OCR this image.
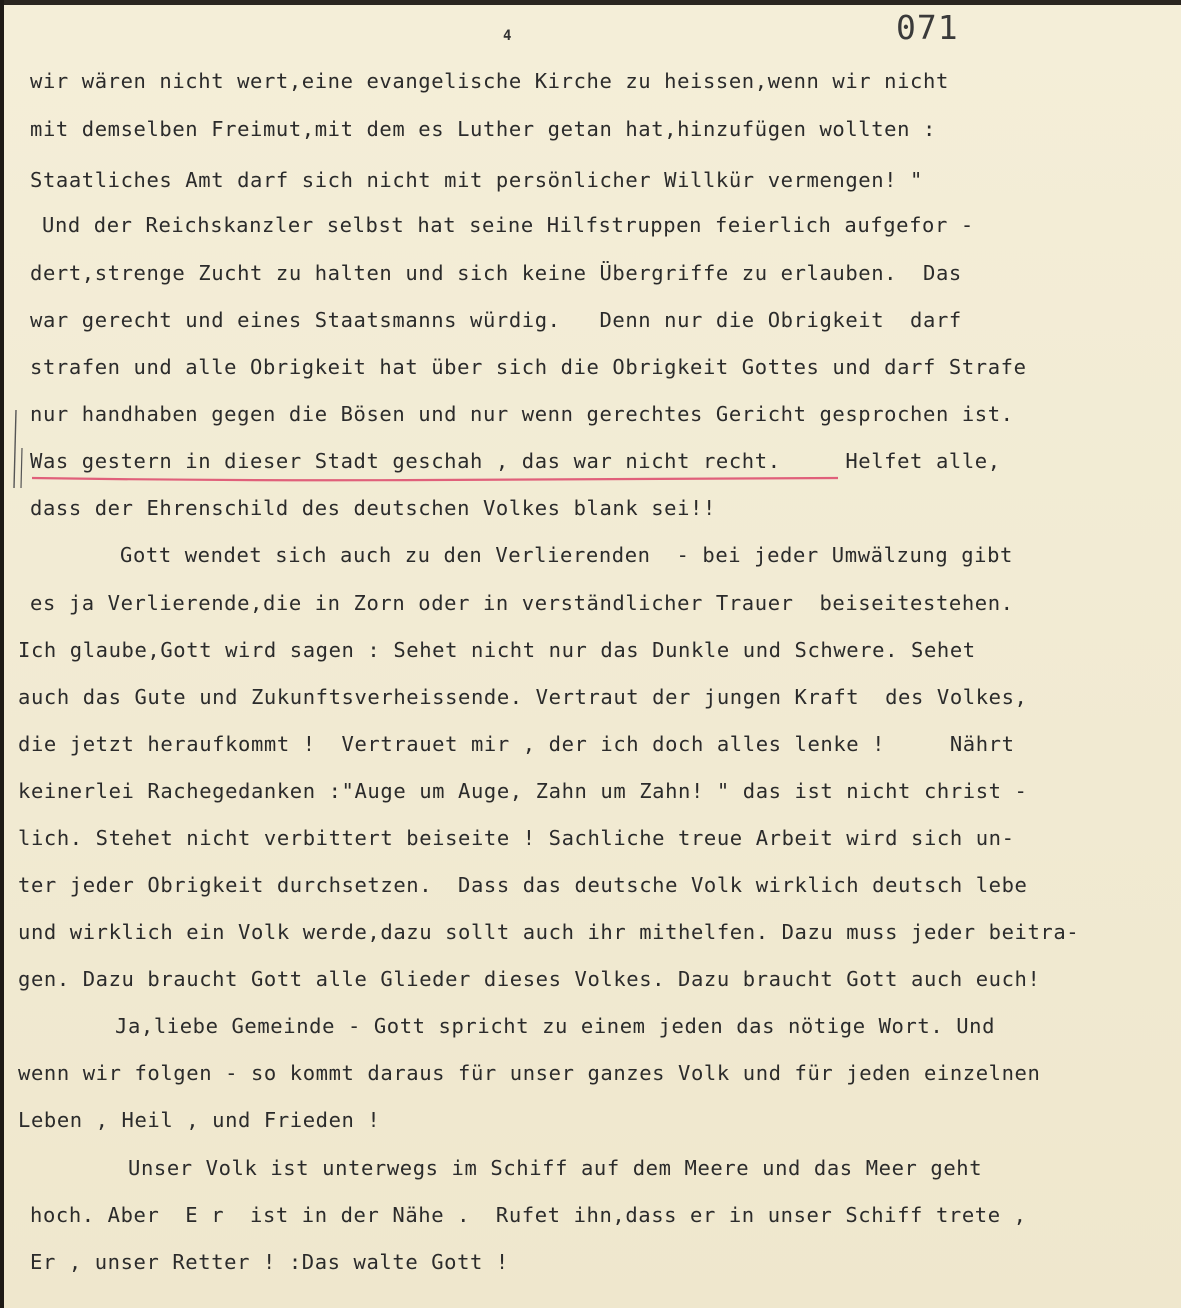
4	071
wir wären nicht wert,eine evangelische Kirche zu heissen,wenn wir nicht
mit demselben Freimut,mit dem es Luther getan hat,hinzufügen wollten :
Staatliches Amt darf sich nicht mit persönlicher Willkür vermengen! "
Und der Reichskanzler selbst hat seine Hilfstruppen feierlich aufgefor -
dert,strenge Zucht zu halten und sich keine Übergriffe zu erlauben.  Das
war gerecht und eines Staatsmanns würdig.   Denn nur die Obrigkeit  darf
strafen und alle Obrigkeit hat über sich die Obrigkeit Gottes und darf Strafe
nur handhaben gegen die Bösen und nur wenn gerechtes Gericht gesprochen ist.
Was gestern in dieser Stadt geschah , das war nicht recht.     Helfet alle,
dass der Ehrenschild des deutschen Volkes blank sei!!
Gott wendet sich auch zu den Verlierenden  - bei jeder Umwälzung gibt
es ja Verlierende,die in Zorn oder in verständlicher Trauer  beiseitestehen.
Ich glaube,Gott wird sagen : Sehet nicht nur das Dunkle und Schwere. Sehet
auch das Gute und Zukunftsverheissende. Vertraut der jungen Kraft  des Volkes,
die jetzt heraufkommt !  Vertrauet mir , der ich doch alles lenke !     Nährt
keinerlei Rachegedanken :"Auge um Auge, Zahn um Zahn! " das ist nicht christ -
lich. Stehet nicht verbittert beiseite ! Sachliche treue Arbeit wird sich un-
ter jeder Obrigkeit durchsetzen.  Dass das deutsche Volk wirklich deutsch lebe
und wirklich ein Volk werde,dazu sollt auch ihr mithelfen. Dazu muss jeder beitra-
gen. Dazu braucht Gott alle Glieder dieses Volkes. Dazu braucht Gott auch euch!
Ja,liebe Gemeinde - Gott spricht zu einem jeden das nötige Wort. Und
wenn wir folgen - so kommt daraus für unser ganzes Volk und für jeden einzelnen
Leben , Heil , und Frieden !
Unser Volk ist unterwegs im Schiff auf dem Meere und das Meer geht
hoch. Aber  E r  ist in der Nähe .  Rufet ihn,dass er in unser Schiff trete ,
Er , unser Retter ! :Das walte Gott !
